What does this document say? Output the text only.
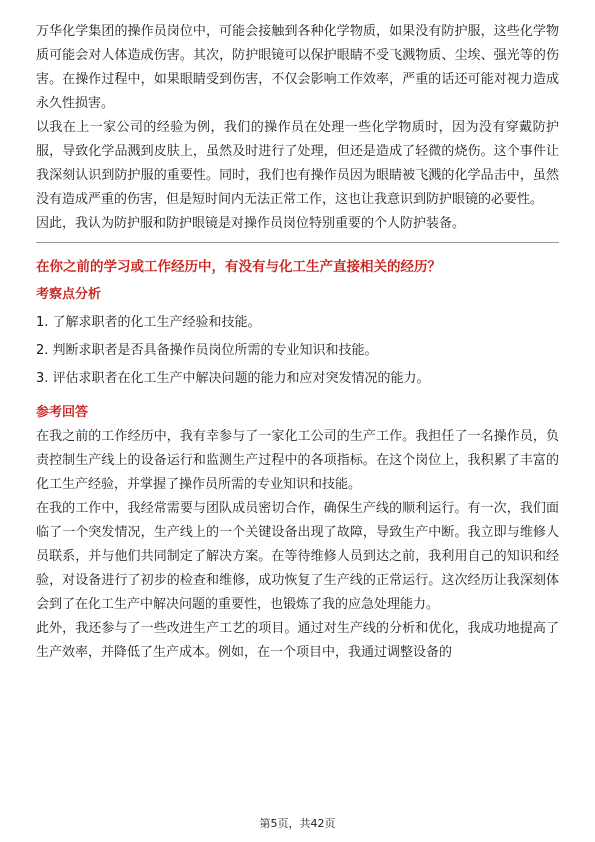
万华化学集团的操作员岗位中，可能会接触到各种化学物质，如果没有防护服，这些化学物质可能会对人体造成伤害。其次，防护眼镜可以保护眼睛不受飞溅物质、尘埃、强光等的伤害。在操作过程中，如果眼睛受到伤害，不仅会影响工作效率，严重的话还可能对视力造成永久性损害。

以我在上一家公司的经验为例，我们的操作员在处理一些化学物质时，因为没有穿戴防护服，导致化学品溅到皮肤上，虽然及时进行了处理，但还是造成了轻微的烧伤。这个事件让我深刻认识到防护服的重要性。同时，我们也有操作员因为眼睛被飞溅的化学品击中，虽然没有造成严重的伤害，但是短时间内无法正常工作，这也让我意识到防护眼镜的必要性。

因此，我认为防护服和防护眼镜是对操作员岗位特别重要的个人防护装备。

在你之前的学习或工作经历中，有没有与化工生产直接相关的经历？

考察点分析

1. 了解求职者的化工生产经验和技能。

2. 判断求职者是否具备操作员岗位所需的专业知识和技能。

3. 评估求职者在化工生产中解决问题的能力和应对突发情况的能力。

参考回答

在我之前的工作经历中，我有幸参与了一家化工公司的生产工作。我担任了一名操作员，负责控制生产线上的设备运行和监测生产过程中的各项指标。在这个岗位上，我积累了丰富的化工生产经验，并掌握了操作员所需的专业知识和技能。

在我的工作中，我经常需要与团队成员密切合作，确保生产线的顺利运行。有一次，我们面临了一个突发情况，生产线上的一个关键设备出现了故障，导致生产中断。我立即与维修人员联系，并与他们共同制定了解决方案。在等待维修人员到达之前，我利用自己的知识和经验，对设备进行了初步的检查和维修，成功恢复了生产线的正常运行。这次经历让我深刻体会到了在化工生产中解决问题的重要性，也锻炼了我的应急处理能力。

此外，我还参与了一些改进生产工艺的项目。通过对生产线的分析和优化，我成功地提高了生产效率，并降低了生产成本。例如，在一个项目中，我通过调整设备的

第5页，共42页
